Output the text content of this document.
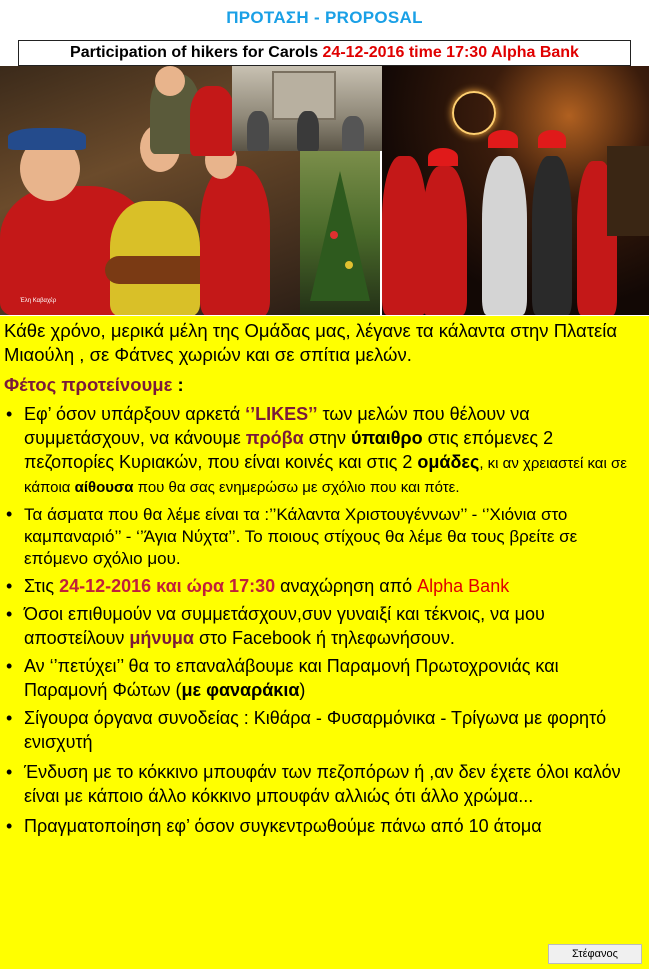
ΠΡΟΤΑΣΗ - PROPOSAL
Participation of hikers for Carols 24-12-2016 time 17:30 Alpha Bank
Έλη Καβαχέρ
Κάθε χρόνο, μερικά μέλη της Ομάδας μας, λέγανε τα κάλαντα στην Πλατεία Μιαούλη , σε Φάτνες χωριών και σε σπίτια μελών.
Φέτος προτείνουμε :
• Εφ’ όσον υπάρξουν αρκετά ‘’LIKES’’ των μελών που θέλουν να συμμετάσχουν, να κάνουμε πρόβα στην ύπαιθρο στις επόμενες 2 πεζοπορίες Κυριακών, που είναι κοινές και στις 2 ομάδες, κι αν χρειαστεί και σε κάποια αίθουσα που θα σας ενημερώσω με σχόλιο που και πότε.
• Τα άσματα που θα λέμε είναι τα :’’Κάλαντα Χριστουγέννων’’ - ‘’Χιόνια στο καμπαναριό’’ - ‘’Άγια Νύχτα’’. Το ποιους στίχους θα λέμε θα τους βρείτε σε επόμενο σχόλιο μου.
• Στις 24-12-2016 και ώρα 17:30 αναχώρηση από Alpha Bank
• Όσοι επιθυμούν να συμμετάσχουν,συν γυναιξί και τέκνοις, να μου αποστείλουν μήνυμα στο Facebook ή τηλεφωνήσουν.
• Αν ‘’πετύχει’’ θα το επαναλάβουμε και Παραμονή Πρωτοχρονιάς και Παραμονή Φώτων (με φαναράκια)
• Σίγουρα όργανα συνοδείας : Κιθάρα - Φυσαρμόνικα - Τρίγωνα με φορητό ενισχυτή
• Ένδυση με το κόκκινο μπουφάν των πεζοπόρων ή ,αν δεν έχετε όλοι καλόν είναι με κάποιο άλλο κόκκινο μπουφάν αλλιώς ότι άλλο χρώμα...
• Πραγματοποίηση εφ’ όσον συγκεντρωθούμε πάνω από 10 άτομα
Στέφανος
